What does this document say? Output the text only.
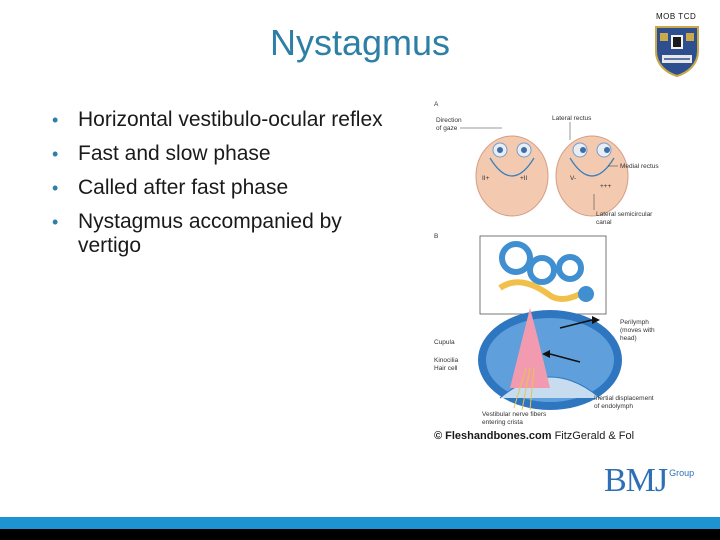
MOB TCD
Nystagmus
• Horizontal vestibulo-ocular reflex
• Fast and slow phase
• Called after fast phase
• Nystagmus accompanied by vertigo
A
Direction
of gaze
Lateral rectus
II+	+II	V-
+++
Medial rectus
Lateral semicircular
canal
B
Cupula
Kinocilia
Hair cell
Perilymph
(moves with
head)
Inertial displacement
of endolymph
Vestibular nerve fibers
entering crista
© Fleshandbones.com FitzGerald & Fol
BMJ $^{Group}$
